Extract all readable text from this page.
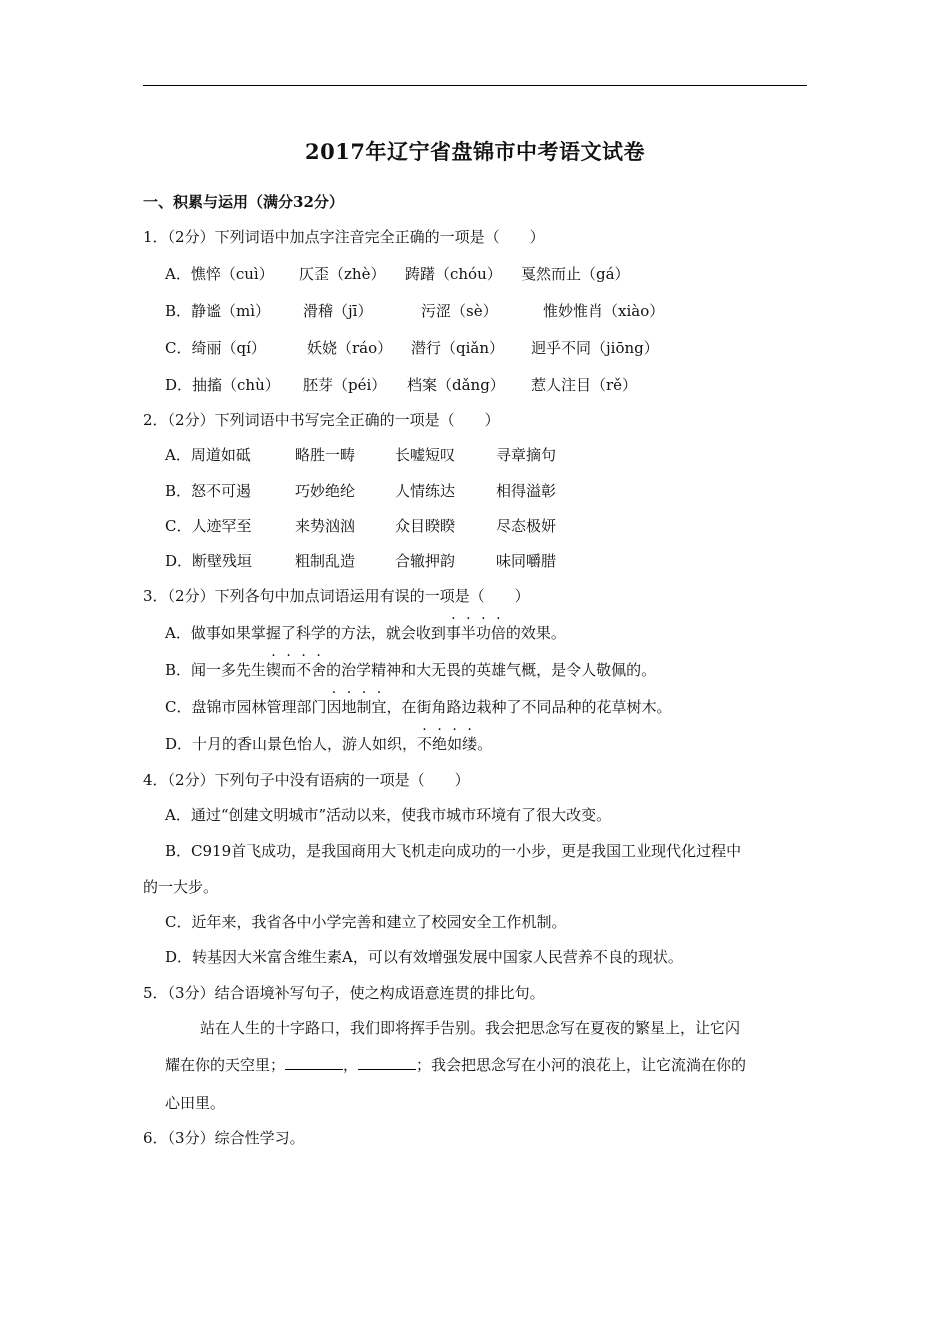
2017年辽宁省盘锦市中考语文试卷
一、积累与运用（满分32分）
1．（2分）下列词语中加点字注音完全正确的一项是（　　）
A．憔悴（cuì） 仄歪（zhè） 踌躇（chóu） 戛然而止（gá）
B．静谧（mì） 滑稽（jī）	污涩（sè）	惟妙惟肖（xiào）
C．绮丽（qí）	妖娆（ráo） 潜行（qiǎn） 迥乎不同（jiōng）
D．抽搐（chù） 胚芽（péi） 档案（dǎng） 惹人注目（rě）
2．（2分）下列词语中书写完全正确的一项是（　　）
A．周道如砥	略胜一畴	长嘘短叹	寻章摘句
B．怒不可遏	巧妙绝纶	人情练达	相得溢彰
C．人迹罕至	来势汹汹	众目睽睽	尽态极妍
D．断壁残垣	粗制乱造	合辙押韵	味同嚼腊
3．（2分）下列各句中加点词语运用有误的一项是（　　）
A．做事如果掌握了科学的方法，就会收到事半功倍的效果。
B．闻一多先生锲而不舍的治学精神和大无畏的英雄气概，是令人敬佩的。
C．盘锦市园林管理部门因地制宜，在街角路边栽种了不同品种的花草树木。
D．十月的香山景色怡人，游人如织，不绝如缕。
4．（2分）下列句子中没有语病的一项是（　　）
A．通过“创建文明城市”活动以来，使我市城市环境有了很大改变。
B．C919首飞成功，是我国商用大飞机走向成功的一小步，更是我国工业现代化过程中
的一大步。
C．近年来，我省各中小学完善和建立了校园安全工作机制。
D．转基因大米富含维生素A，可以有效增强发展中国家人民营养不良的现状。
5．（3分）结合语境补写句子，使之构成语意连贯的排比句。
站在人生的十字路口，我们即将挥手告别。我会把思念写在夏夜的繁星上，让它闪
耀在你的天空里；	，	；我会把思念写在小河的浪花上，让它流淌在你的
心田里。
6．（3分）综合性学习。
